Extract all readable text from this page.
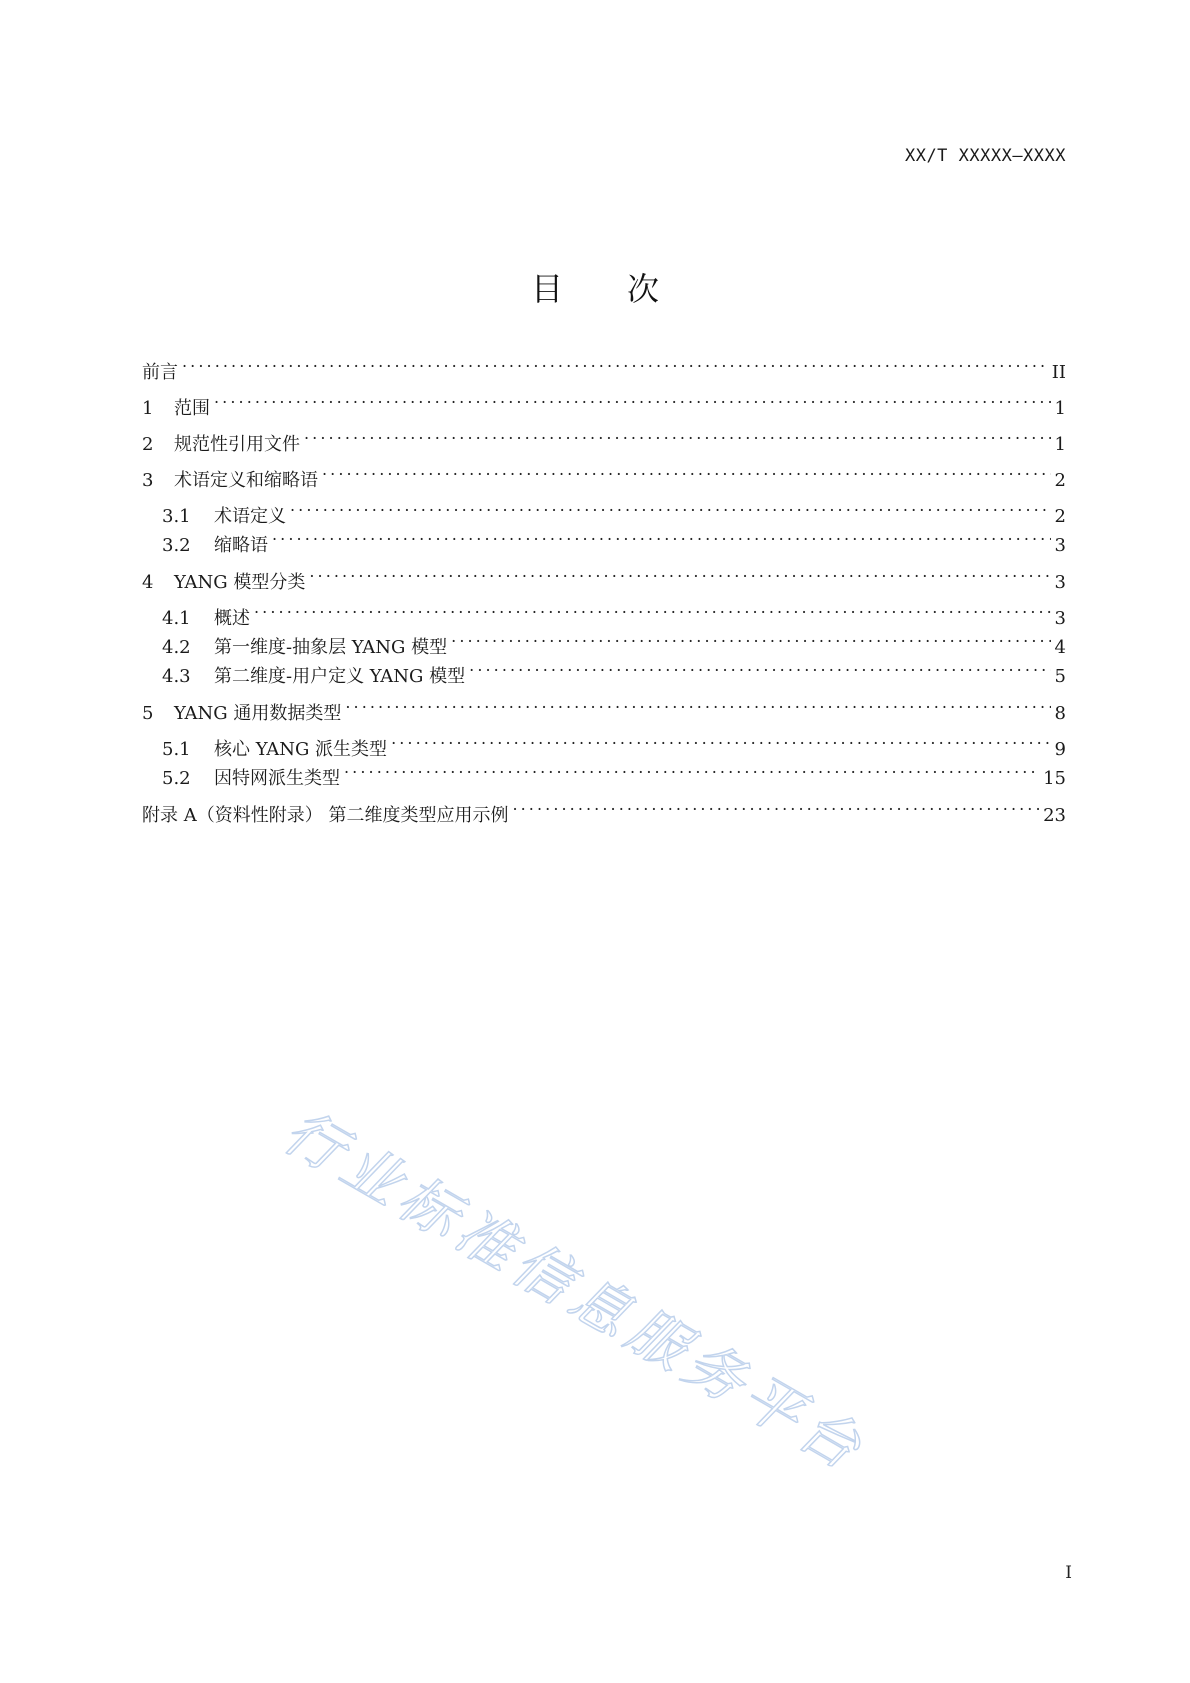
XX/T XXXXX—XXXX
目 次
前言 . . .	II
1	范围 . . .	1
2	规范性引用文件 . . .	1
3	术语定义和缩略语 . . .	2
3.1	术语定义 . . .	2
3.2	缩略语 . . .	3
4	YANG 模型分类 . . .	3
4.1	概述 . . .	3
4.2	第一维度-抽象层 YANG 模型 . . .	4
4.3	第二维度-用户定义 YANG 模型 . . .	5
5	YANG 通用数据类型 . . .	8
5.1	核心 YANG 派生类型 . . .	9
5.2	因特网派生类型 . . .	15
附录 A（资料性附录） 第二维度类型应用示例 . . .	23
行业标准信息服务平台
I
